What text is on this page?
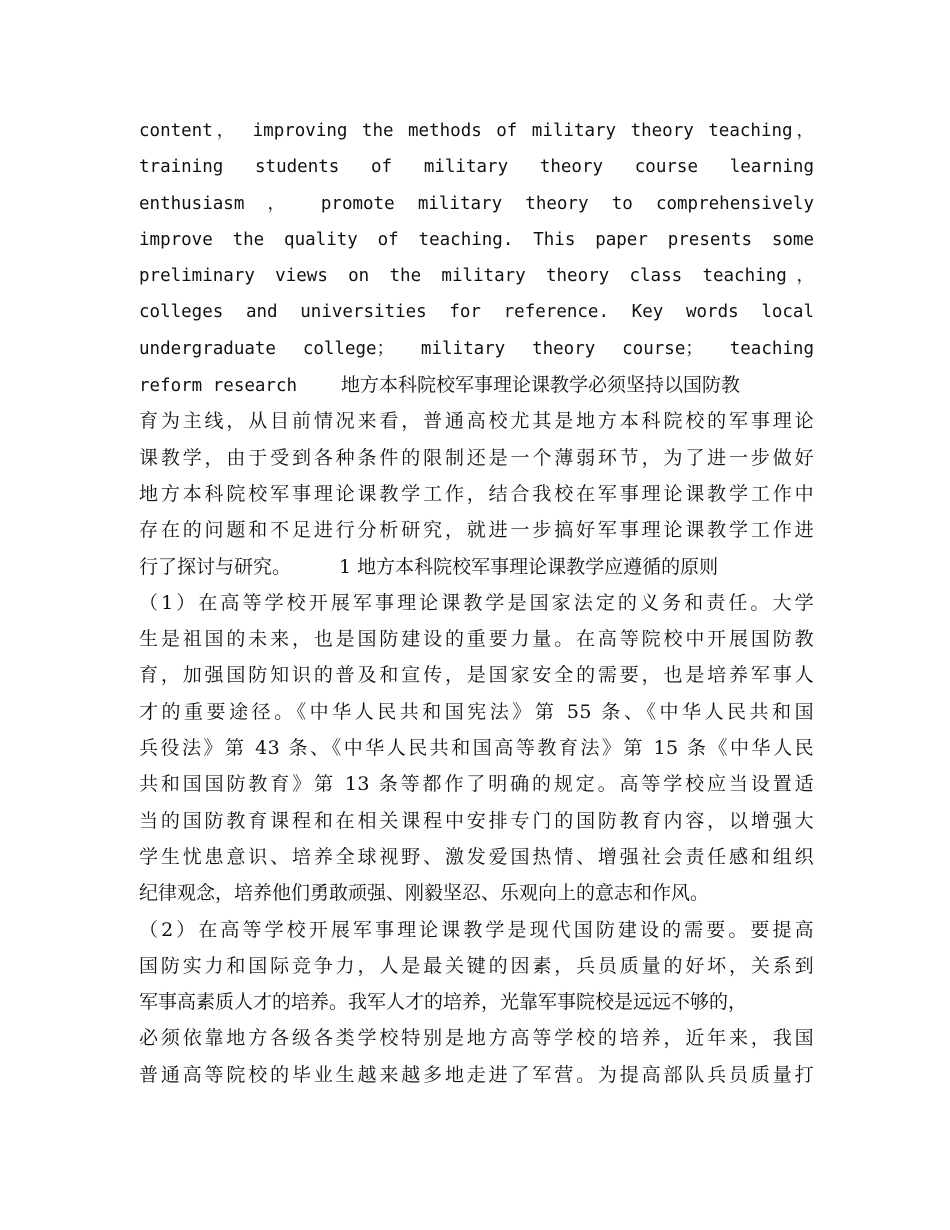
content， improving the methods of military theory teaching，
training students of military theory course learning
enthusiasm ， promote military theory to comprehensively
improve the quality of teaching. This paper presents some
preliminary views on the military theory class teaching，
colleges and universities for reference. Key words local
undergraduate college； military theory course； teaching
reform research 地方本科院校军事理论课教学必须坚持以国防教
育为主线，从目前情况来看，普通高校尤其是地方本科院校的军事理论
课教学，由于受到各种条件的限制还是一个薄弱环节，为了进一步做好
地方本科院校军事理论课教学工作，结合我校在军事理论课教学工作中
存在的问题和不足进行分析研究，就进一步搞好军事理论课教学工作进
行了探讨与研究。	1 地方本科院校军事理论课教学应遵循的原则
（1）在高等学校开展军事理论课教学是国家法定的义务和责任。大学
生是祖国的未来，也是国防建设的重要力量。在高等院校中开展国防教
育，加强国防知识的普及和宣传，是国家安全的需要，也是培养军事人
才的重要途径。《中华人民共和国宪法》第 55 条、《中华人民共和国
兵役法》第 43 条、《中华人民共和国高等教育法》第 15 条《中华人民
共和国国防教育》第 13 条等都作了明确的规定。高等学校应当设置适
当的国防教育课程和在相关课程中安排专门的国防教育内容，以增强大
学生忧患意识、培养全球视野、激发爱国热情、增强社会责任感和组织
纪律观念，培养他们勇敢顽强、刚毅坚忍、乐观向上的意志和作风。
（2）在高等学校开展军事理论课教学是现代国防建设的需要。要提高
国防实力和国际竞争力，人是最关键的因素，兵员质量的好坏，关系到
军事高素质人才的培养。我军人才的培养，光靠军事院校是远远不够的，
必须依靠地方各级各类学校特别是地方高等学校的培养，近年来，我国
普通高等院校的毕业生越来越多地走进了军营。为提高部队兵员质量打
